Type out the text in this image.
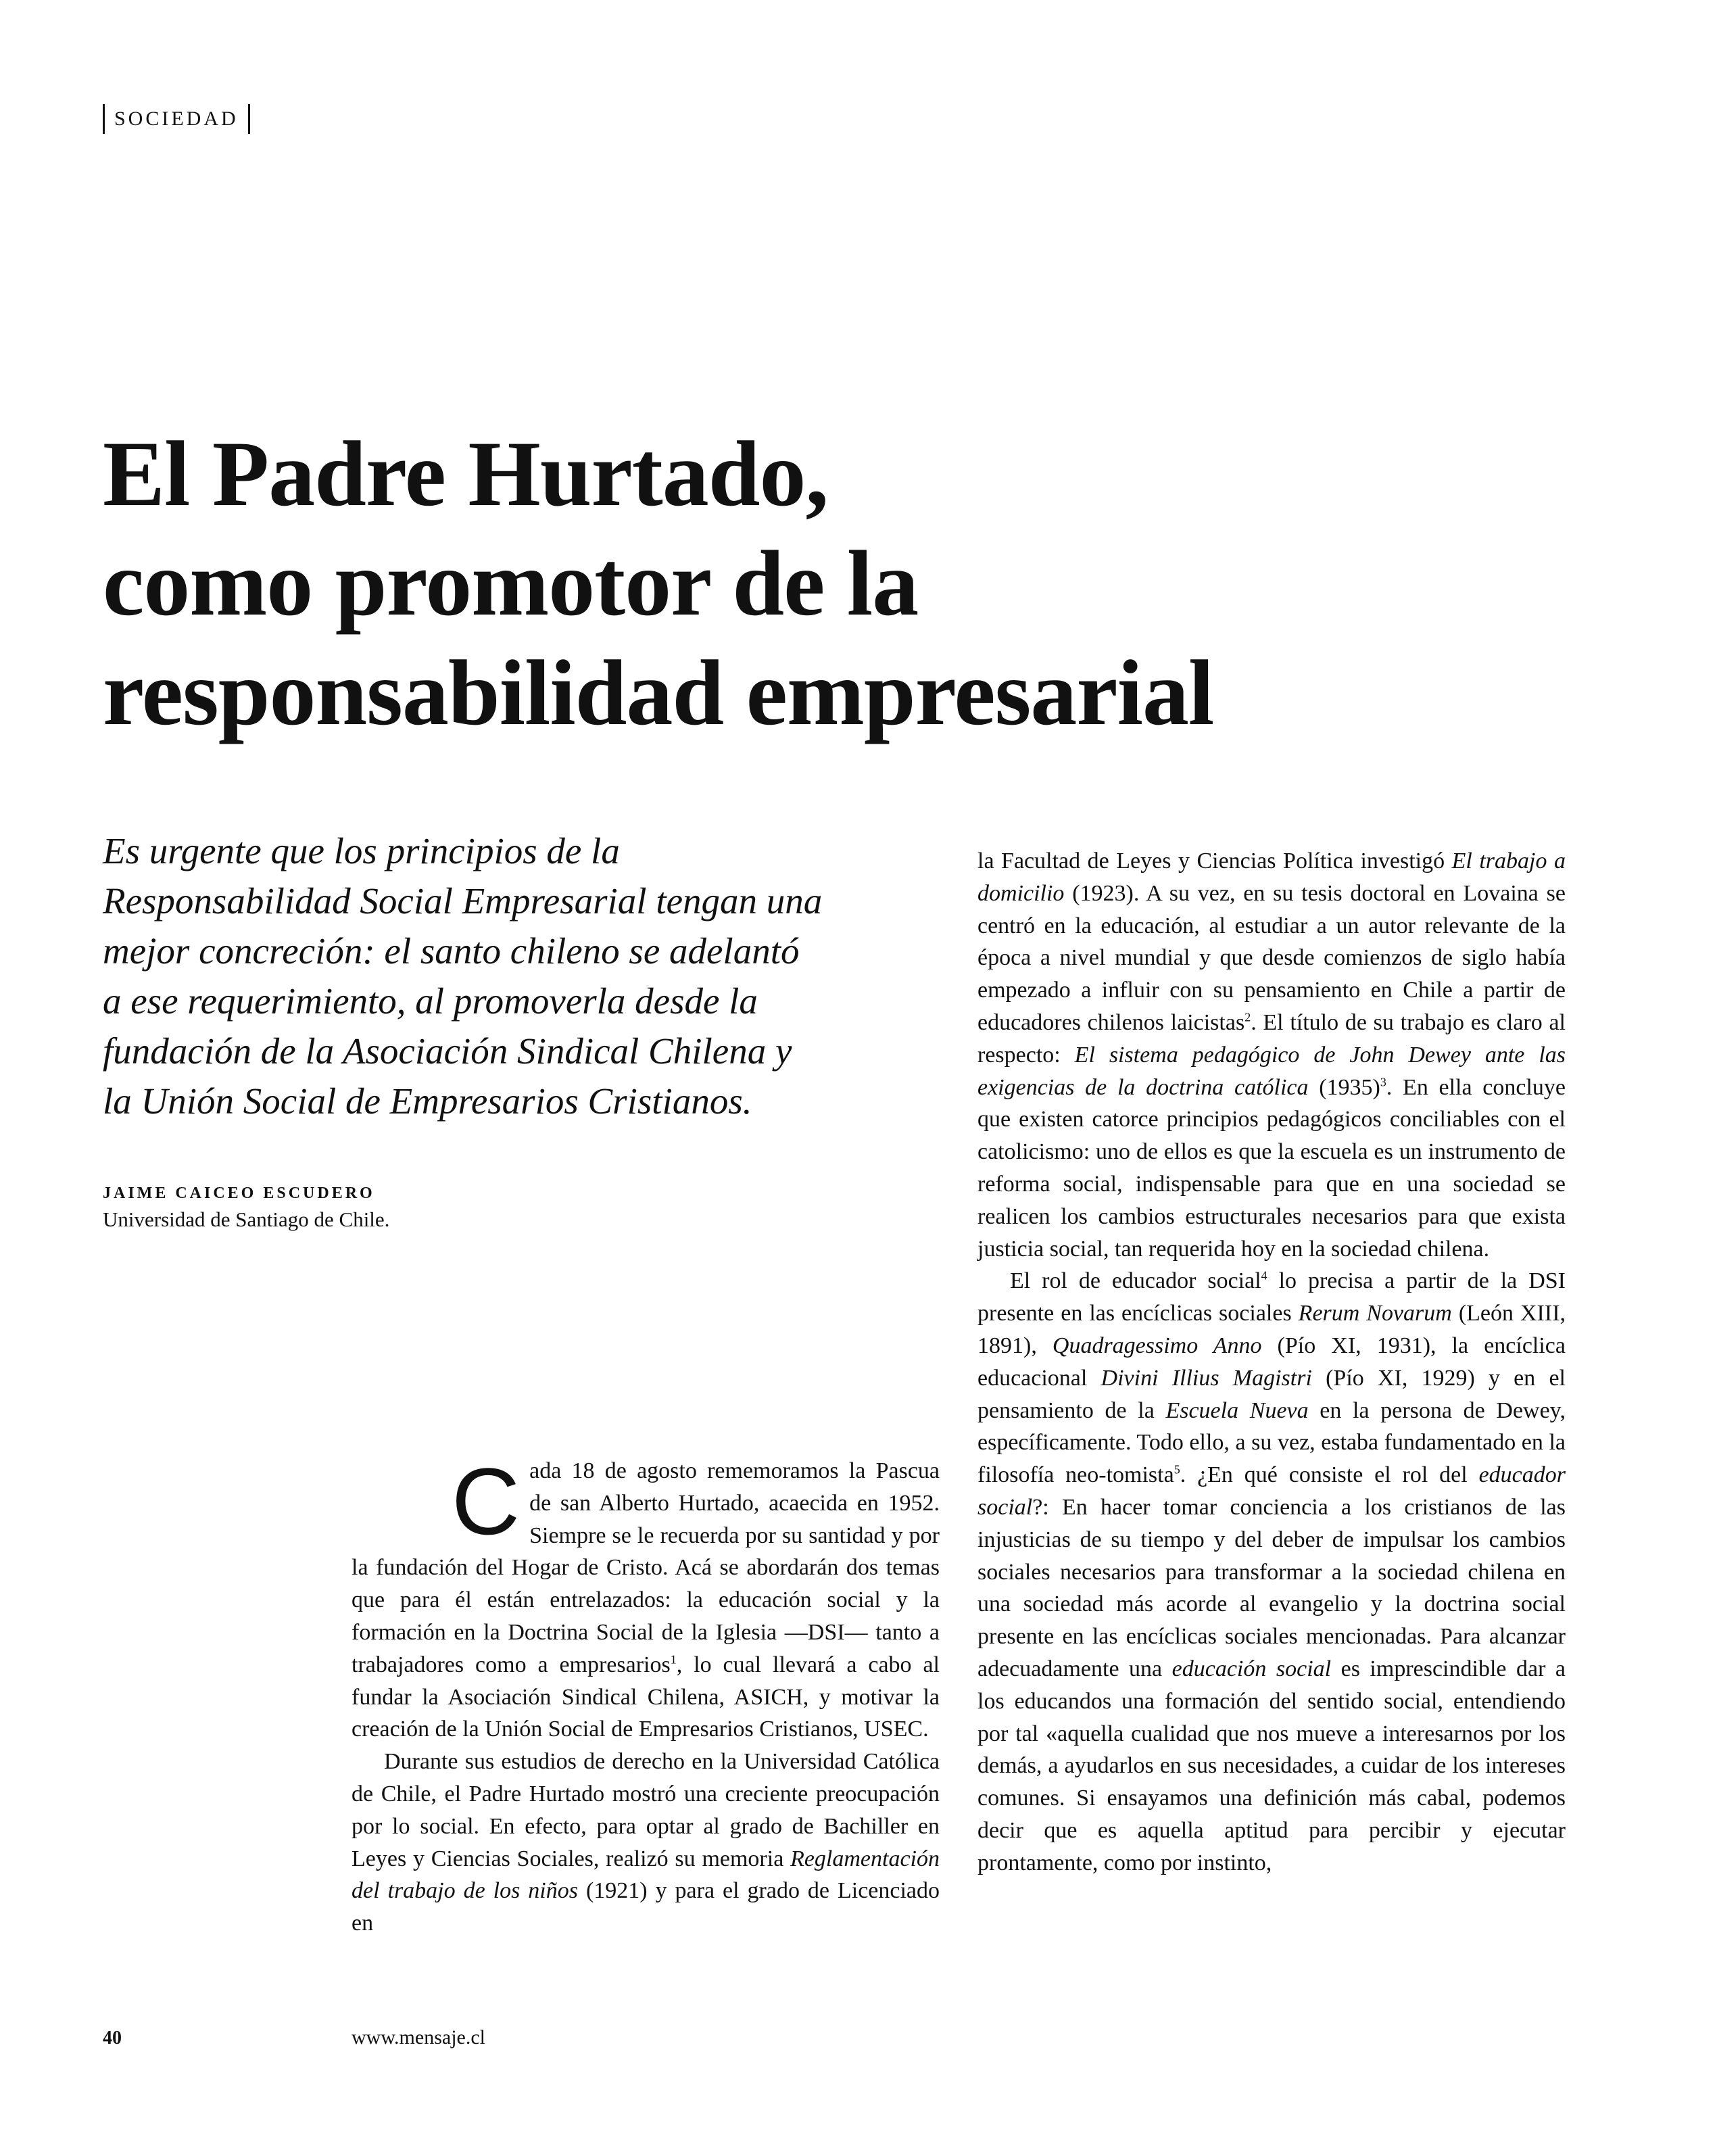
SOCIEDAD
El Padre Hurtado,
como promotor de la
responsabilidad empresarial

Es urgente que los principios de la
Responsabilidad Social Empresarial tengan una
mejor concreción: el santo chileno se adelantó
a ese requerimiento, al promoverla desde la
fundación de la Asociación Sindical Chilena y
la Unión Social de Empresarios Cristianos.

JAIME CAICEO ESCUDERO
Universidad de Santiago de Chile.

Cada 18 de agosto rememoramos la Pascua de san Alberto Hurtado, acaecida en 1952. Siempre se le recuerda por su santidad y por la fundación del Hogar de Cristo. Acá se abordarán dos temas que para él están entrelazados: la educación social y la formación en la Doctrina Social de la Iglesia —DSI— tanto a trabajadores como a empresarios$^1$, lo cual llevará a cabo al fundar la Asociación Sindical Chilena, ASICH, y motivar la creación de la Unión Social de Empresarios Cristianos, USEC.

Durante sus estudios de derecho en la Universidad Católica de Chile, el Padre Hurtado mostró una creciente preocupación por lo social. En efecto, para optar al grado de Bachiller en Leyes y Ciencias Sociales, realizó su memoria Reglamentación del trabajo de los niños (1921) y para el grado de Licenciado en

la Facultad de Leyes y Ciencias Política investigó El trabajo a domicilio (1923). A su vez, en su tesis doctoral en Lovaina se centró en la educación, al estudiar a un autor relevante de la época a nivel mundial y que desde comienzos de siglo había empezado a influir con su pensamiento en Chile a partir de educadores chilenos laicistas$^2$. El título de su trabajo es claro al respecto: El sistema pedagógico de John Dewey ante las exigencias de la doctrina católica $(1935)^3$. En ella concluye que existen catorce principios pedagógicos conciliables con el catolicismo: uno de ellos es que la escuela es un instrumento de reforma social, indispensable para que en una sociedad se realicen los cambios estructurales necesarios para que exista justicia social, tan requerida hoy en la sociedad chilena.

El rol de educador social$^4$ lo precisa a partir de la DSI presente en las encíclicas sociales Rerum Novarum (León XIII, 1891), Quadragessimo Anno (Pío XI, 1931), la encíclica educacional Divini Illius Magistri (Pío XI, 1929) y en el pensamiento de la Escuela Nueva en la persona de Dewey, específicamente. Todo ello, a su vez, estaba fundamentado en la filosofía neo-tomista$^5$. ¿En qué consiste el rol del educador social?: En hacer tomar conciencia a los cristianos de las injusticias de su tiempo y del deber de impulsar los cambios sociales necesarios para transformar a la sociedad chilena en una sociedad más acorde al evangelio y la doctrina social presente en las encíclicas sociales mencionadas. Para alcanzar adecuadamente una educación social es imprescindible dar a los educandos una formación del sentido social, entendiendo por tal «aquella cualidad que nos mueve a interesarnos por los demás, a ayudarlos en sus necesidades, a cuidar de los intereses comunes. Si ensayamos una definición más cabal, podemos decir que es aquella aptitud para percibir y ejecutar prontamente, como por instinto,

40	www.mensaje.cl
